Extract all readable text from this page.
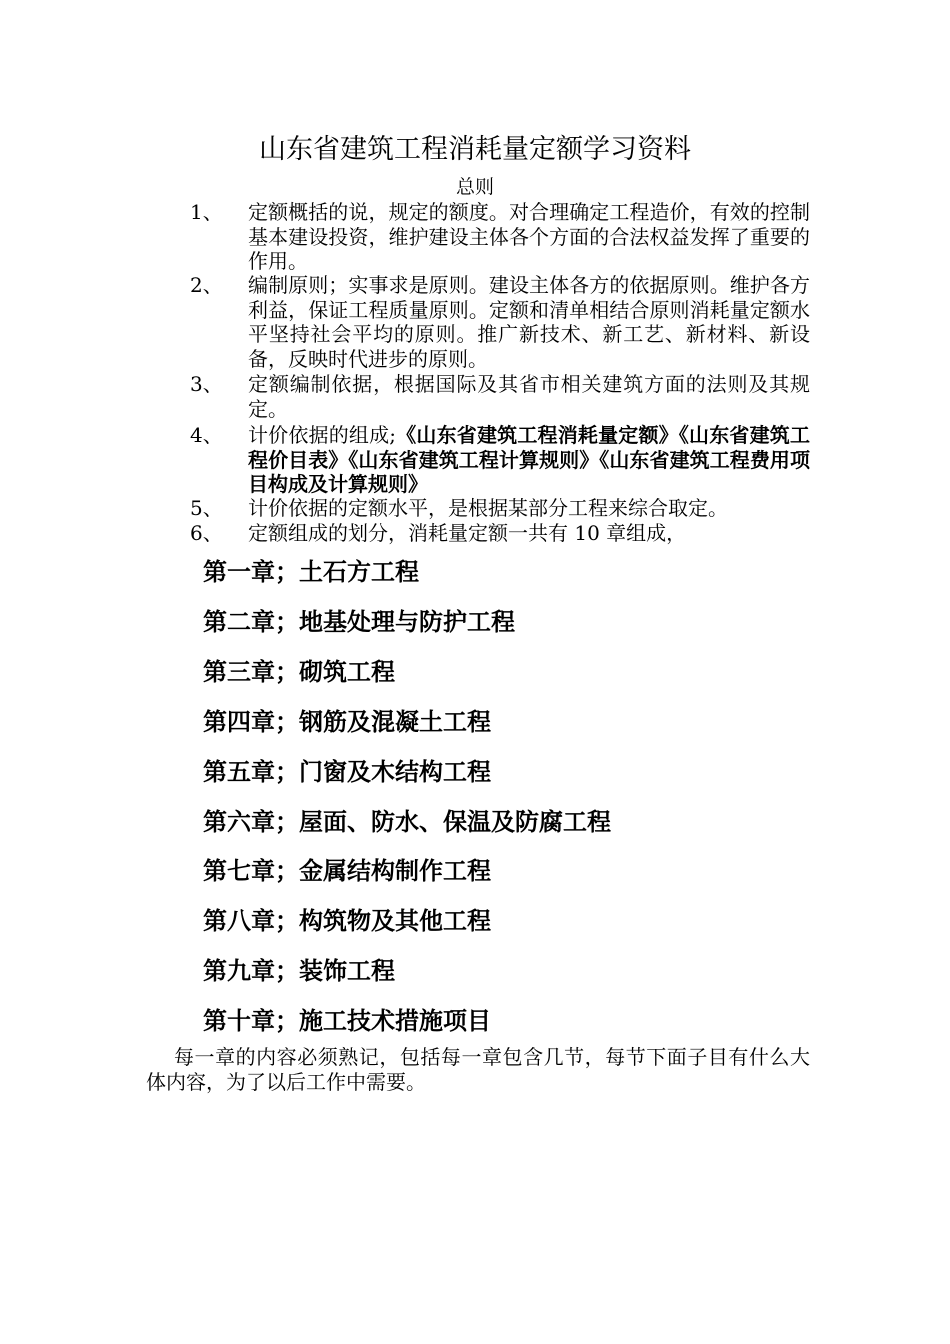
山东省建筑工程消耗量定额学习资料
总则
1、	定额概括的说，规定的额度。对合理确定工程造价，有效的控制基本建设投资，维护建设主体各个方面的合法权益发挥了重要的作用。
2、	编制原则；实事求是原则。建设主体各方的依据原则。维护各方利益，保证工程质量原则。定额和清单相结合原则消耗量定额水平坚持社会平均的原则。推广新技术、新工艺、新材料、新设备，反映时代进步的原则。
3、	定额编制依据，根据国际及其省市相关建筑方面的法则及其规定。
4、	计价依据的组成;《山东省建筑工程消耗量定额》《山东省建筑工程价目表》《山东省建筑工程计算规则》《山东省建筑工程费用项目构成及计算规则》
5、	计价依据的定额水平，是根据某部分工程来综合取定。
6、	定额组成的划分，消耗量定额一共有 10 章组成，
第一章；土石方工程
第二章；地基处理与防护工程
第三章；砌筑工程
第四章；钢筋及混凝土工程
第五章；门窗及木结构工程
第六章；屋面、防水、保温及防腐工程
第七章；金属结构制作工程
第八章；构筑物及其他工程
第九章；装饰工程
第十章；施工技术措施项目
每一章的内容必须熟记，包括每一章包含几节，每节下面子目有什么大体内容，为了以后工作中需要。
